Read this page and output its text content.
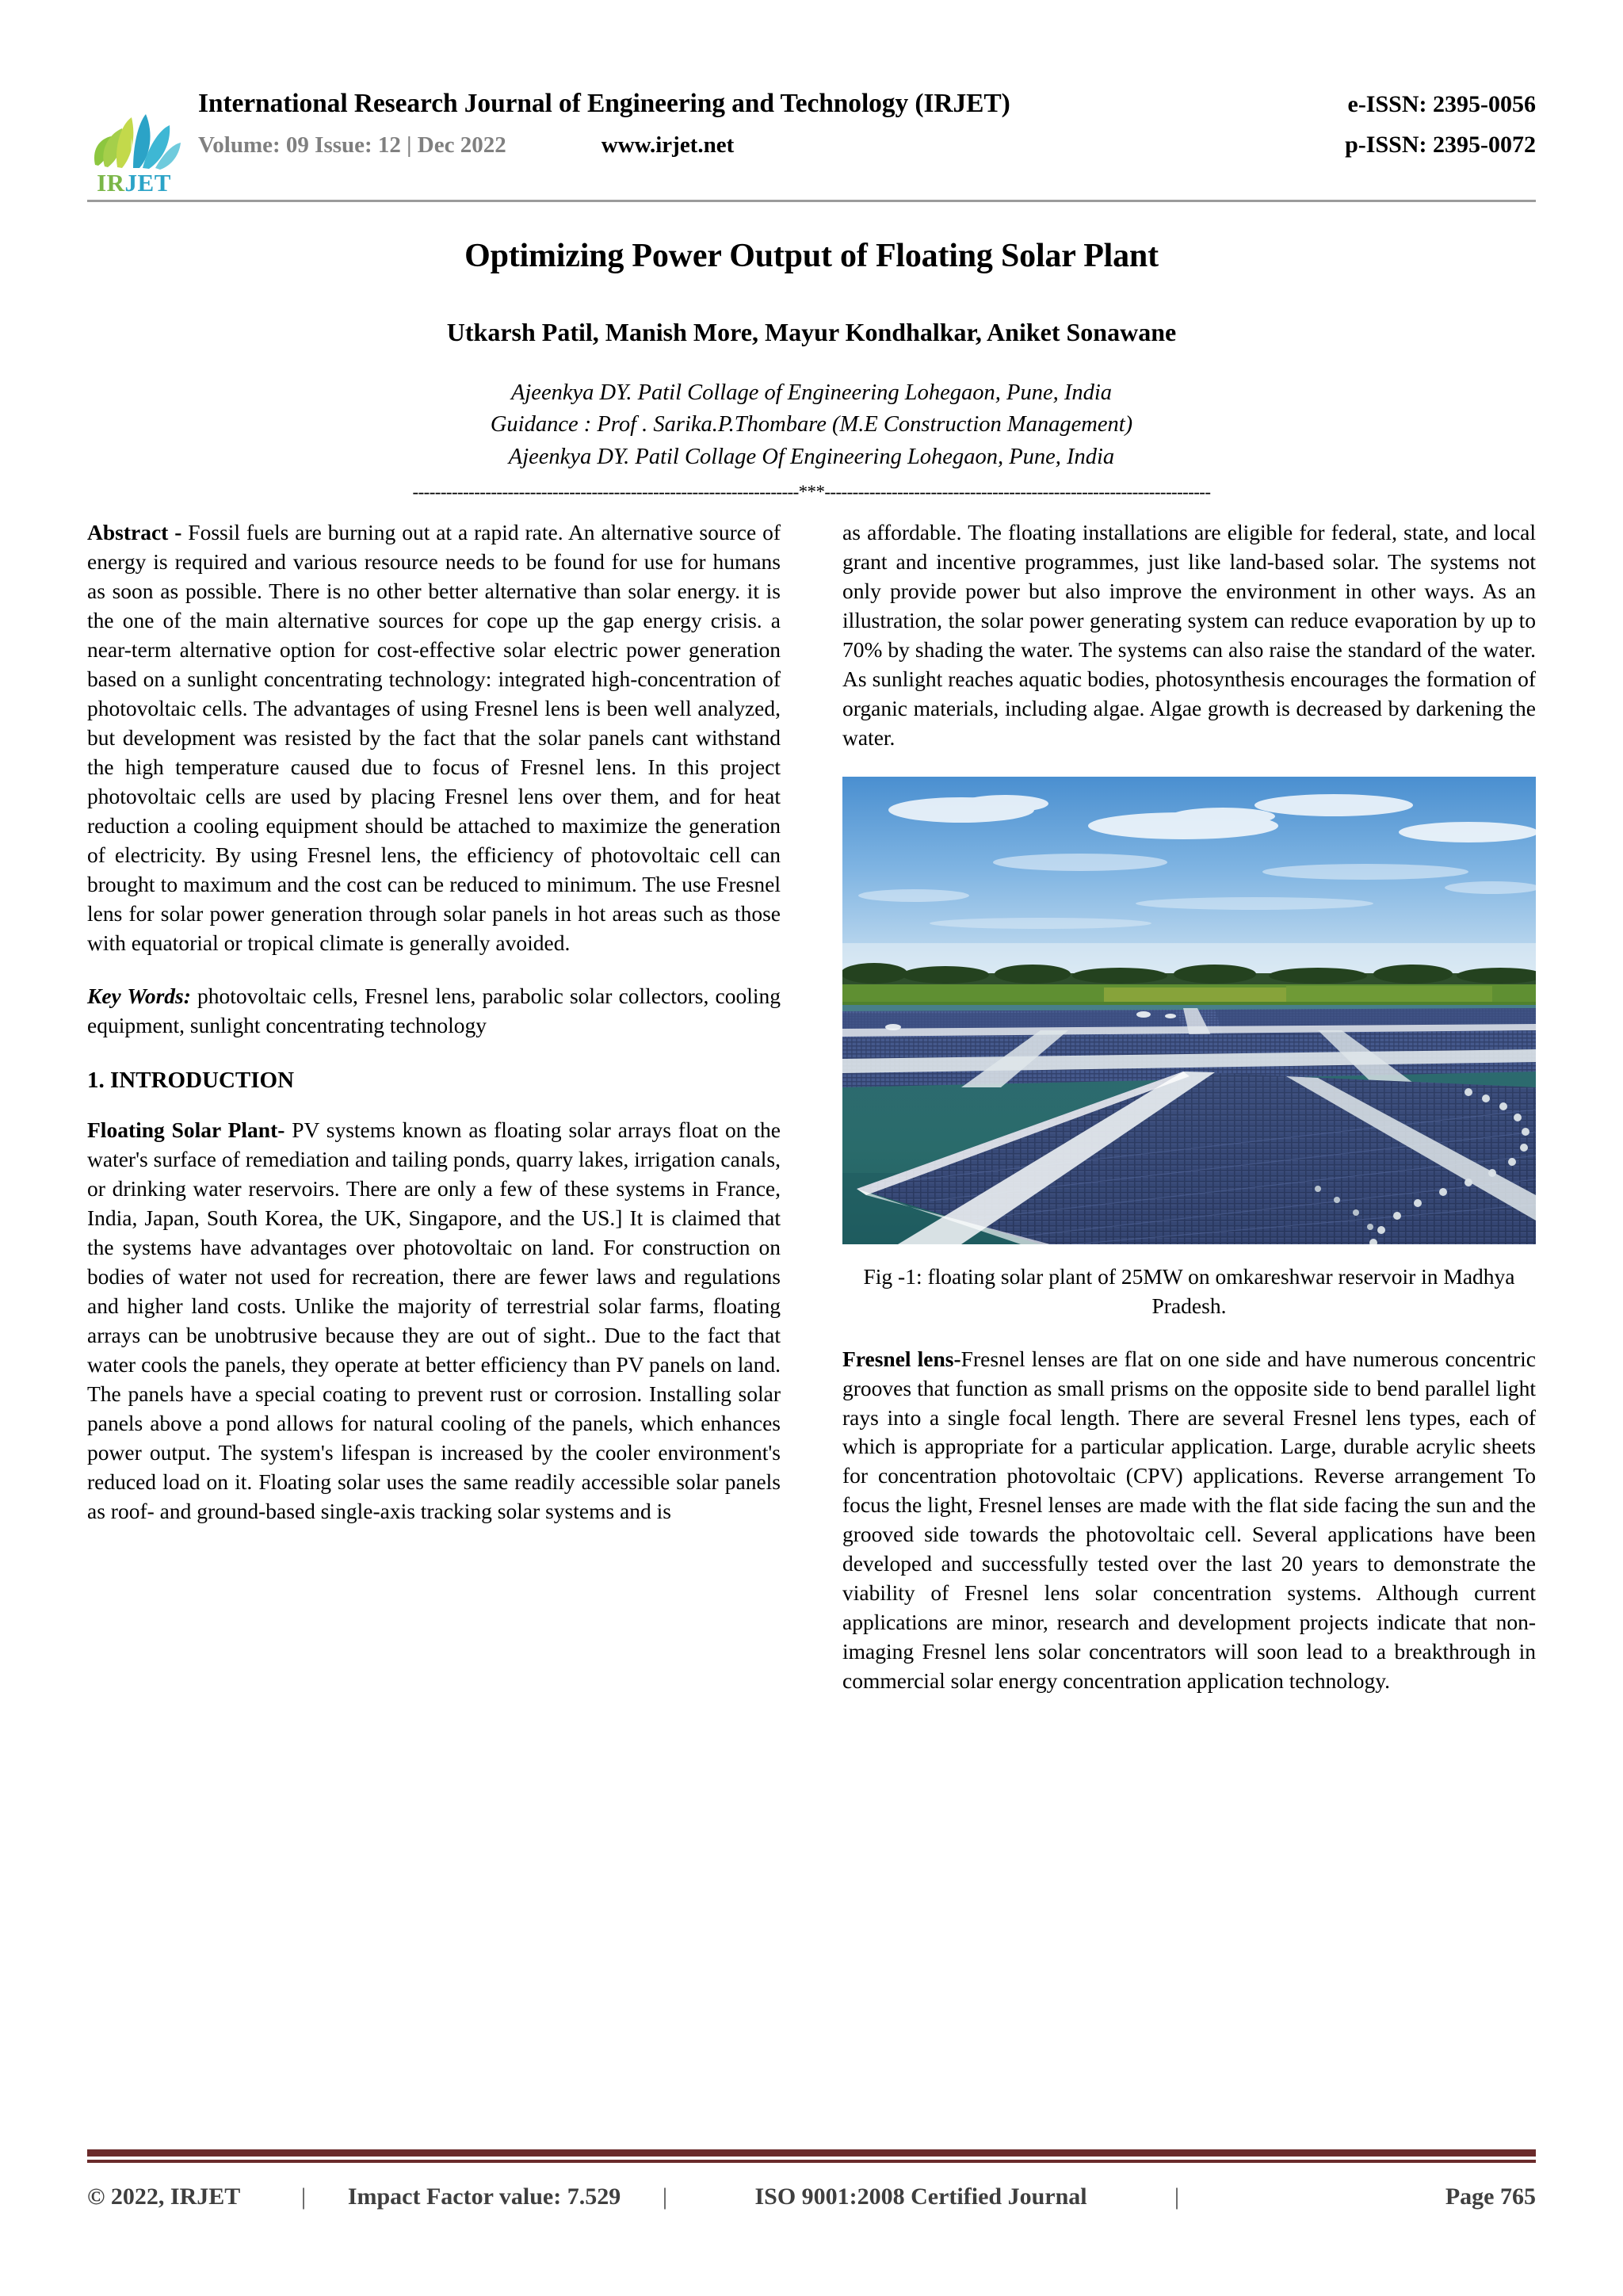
IRJET
International Research Journal of Engineering and Technology (IRJET)	e-ISSN: 2395-0056
Volume: 09 Issue: 12 | Dec 2022	www.irjet.net	p-ISSN: 2395-0072
Optimizing Power Output of Floating Solar Plant
Utkarsh Patil, Manish More, Mayur Kondhalkar, Aniket Sonawane
Ajeenkya DY. Patil Collage of Engineering Lohegaon, Pune, India
Guidance : Prof . Sarika.P.Thombare (M.E Construction Management)
Ajeenkya DY. Patil Collage Of Engineering Lohegaon, Pune, India
---------------------------------------------------------------------***---------------------------------------------------------------------

Abstract - Fossil fuels are burning out at a rapid rate. An alternative source of energy is required and various resource needs to be found for use for humans as soon as possible. There is no other better alternative than solar energy. it is the one of the main alternative sources for cope up the gap energy crisis. a near-term alternative option for cost-effective solar electric power generation based on a sunlight concentrating technology: integrated high-concentration of photovoltaic cells. The advantages of using Fresnel lens is been well analyzed, but development was resisted by the fact that the solar panels cant withstand the high temperature caused due to focus of Fresnel lens. In this project photovoltaic cells are used by placing Fresnel lens over them, and for heat reduction a cooling equipment should be attached to maximize the generation of electricity. By using Fresnel lens, the efficiency of photovoltaic cell can brought to maximum and the cost can be reduced to minimum. The use Fresnel lens for solar power generation through solar panels in hot areas such as those with equatorial or tropical climate is generally avoided.

Key Words: photovoltaic cells, Fresnel lens, parabolic solar collectors, cooling equipment, sunlight concentrating technology

1. INTRODUCTION

Floating Solar Plant- PV systems known as floating solar arrays float on the water's surface of remediation and tailing ponds, quarry lakes, irrigation canals, or drinking water reservoirs. There are only a few of these systems in France, India, Japan, South Korea, the UK, Singapore, and the US.] It is claimed that the systems have advantages over photovoltaic on land. For construction on bodies of water not used for recreation, there are fewer laws and regulations and higher land costs. Unlike the majority of terrestrial solar farms, floating arrays can be unobtrusive because they are out of sight.. Due to the fact that water cools the panels, they operate at better efficiency than PV panels on land. The panels have a special coating to prevent rust or corrosion. Installing solar panels above a pond allows for natural cooling of the panels, which enhances power output. The system's lifespan is increased by the cooler environment's reduced load on it. Floating solar uses the same readily accessible solar panels as roof- and ground-based single-axis tracking solar systems and is

as affordable. The floating installations are eligible for federal, state, and local grant and incentive programmes, just like land-based solar. The systems not only provide power but also improve the environment in other ways. As an illustration, the solar power generating system can reduce evaporation by up to 70% by shading the water. The systems can also raise the standard of the water. As sunlight reaches aquatic bodies, photosynthesis encourages the formation of organic materials, including algae. Algae growth is decreased by darkening the water.

Fig -1: floating solar plant of 25MW on omkareshwar reservoir in Madhya Pradesh.

Fresnel lens-Fresnel lenses are flat on one side and have numerous concentric grooves that function as small prisms on the opposite side to bend parallel light rays into a single focal length. There are several Fresnel lens types, each of which is appropriate for a particular application. Large, durable acrylic sheets for concentration photovoltaic (CPV) applications. Reverse arrangement To focus the light, Fresnel lenses are made with the flat side facing the sun and the grooved side towards the photovoltaic cell. Several applications have been developed and successfully tested over the last 20 years to demonstrate the viability of Fresnel lens solar concentration systems. Although current applications are minor, research and development projects indicate that non-imaging Fresnel lens solar concentrators will soon lead to a breakthrough in commercial solar energy concentration application technology.

© 2022, IRJET	|	Impact Factor value: 7.529	|	ISO 9001:2008 Certified Journal	|	Page 765
